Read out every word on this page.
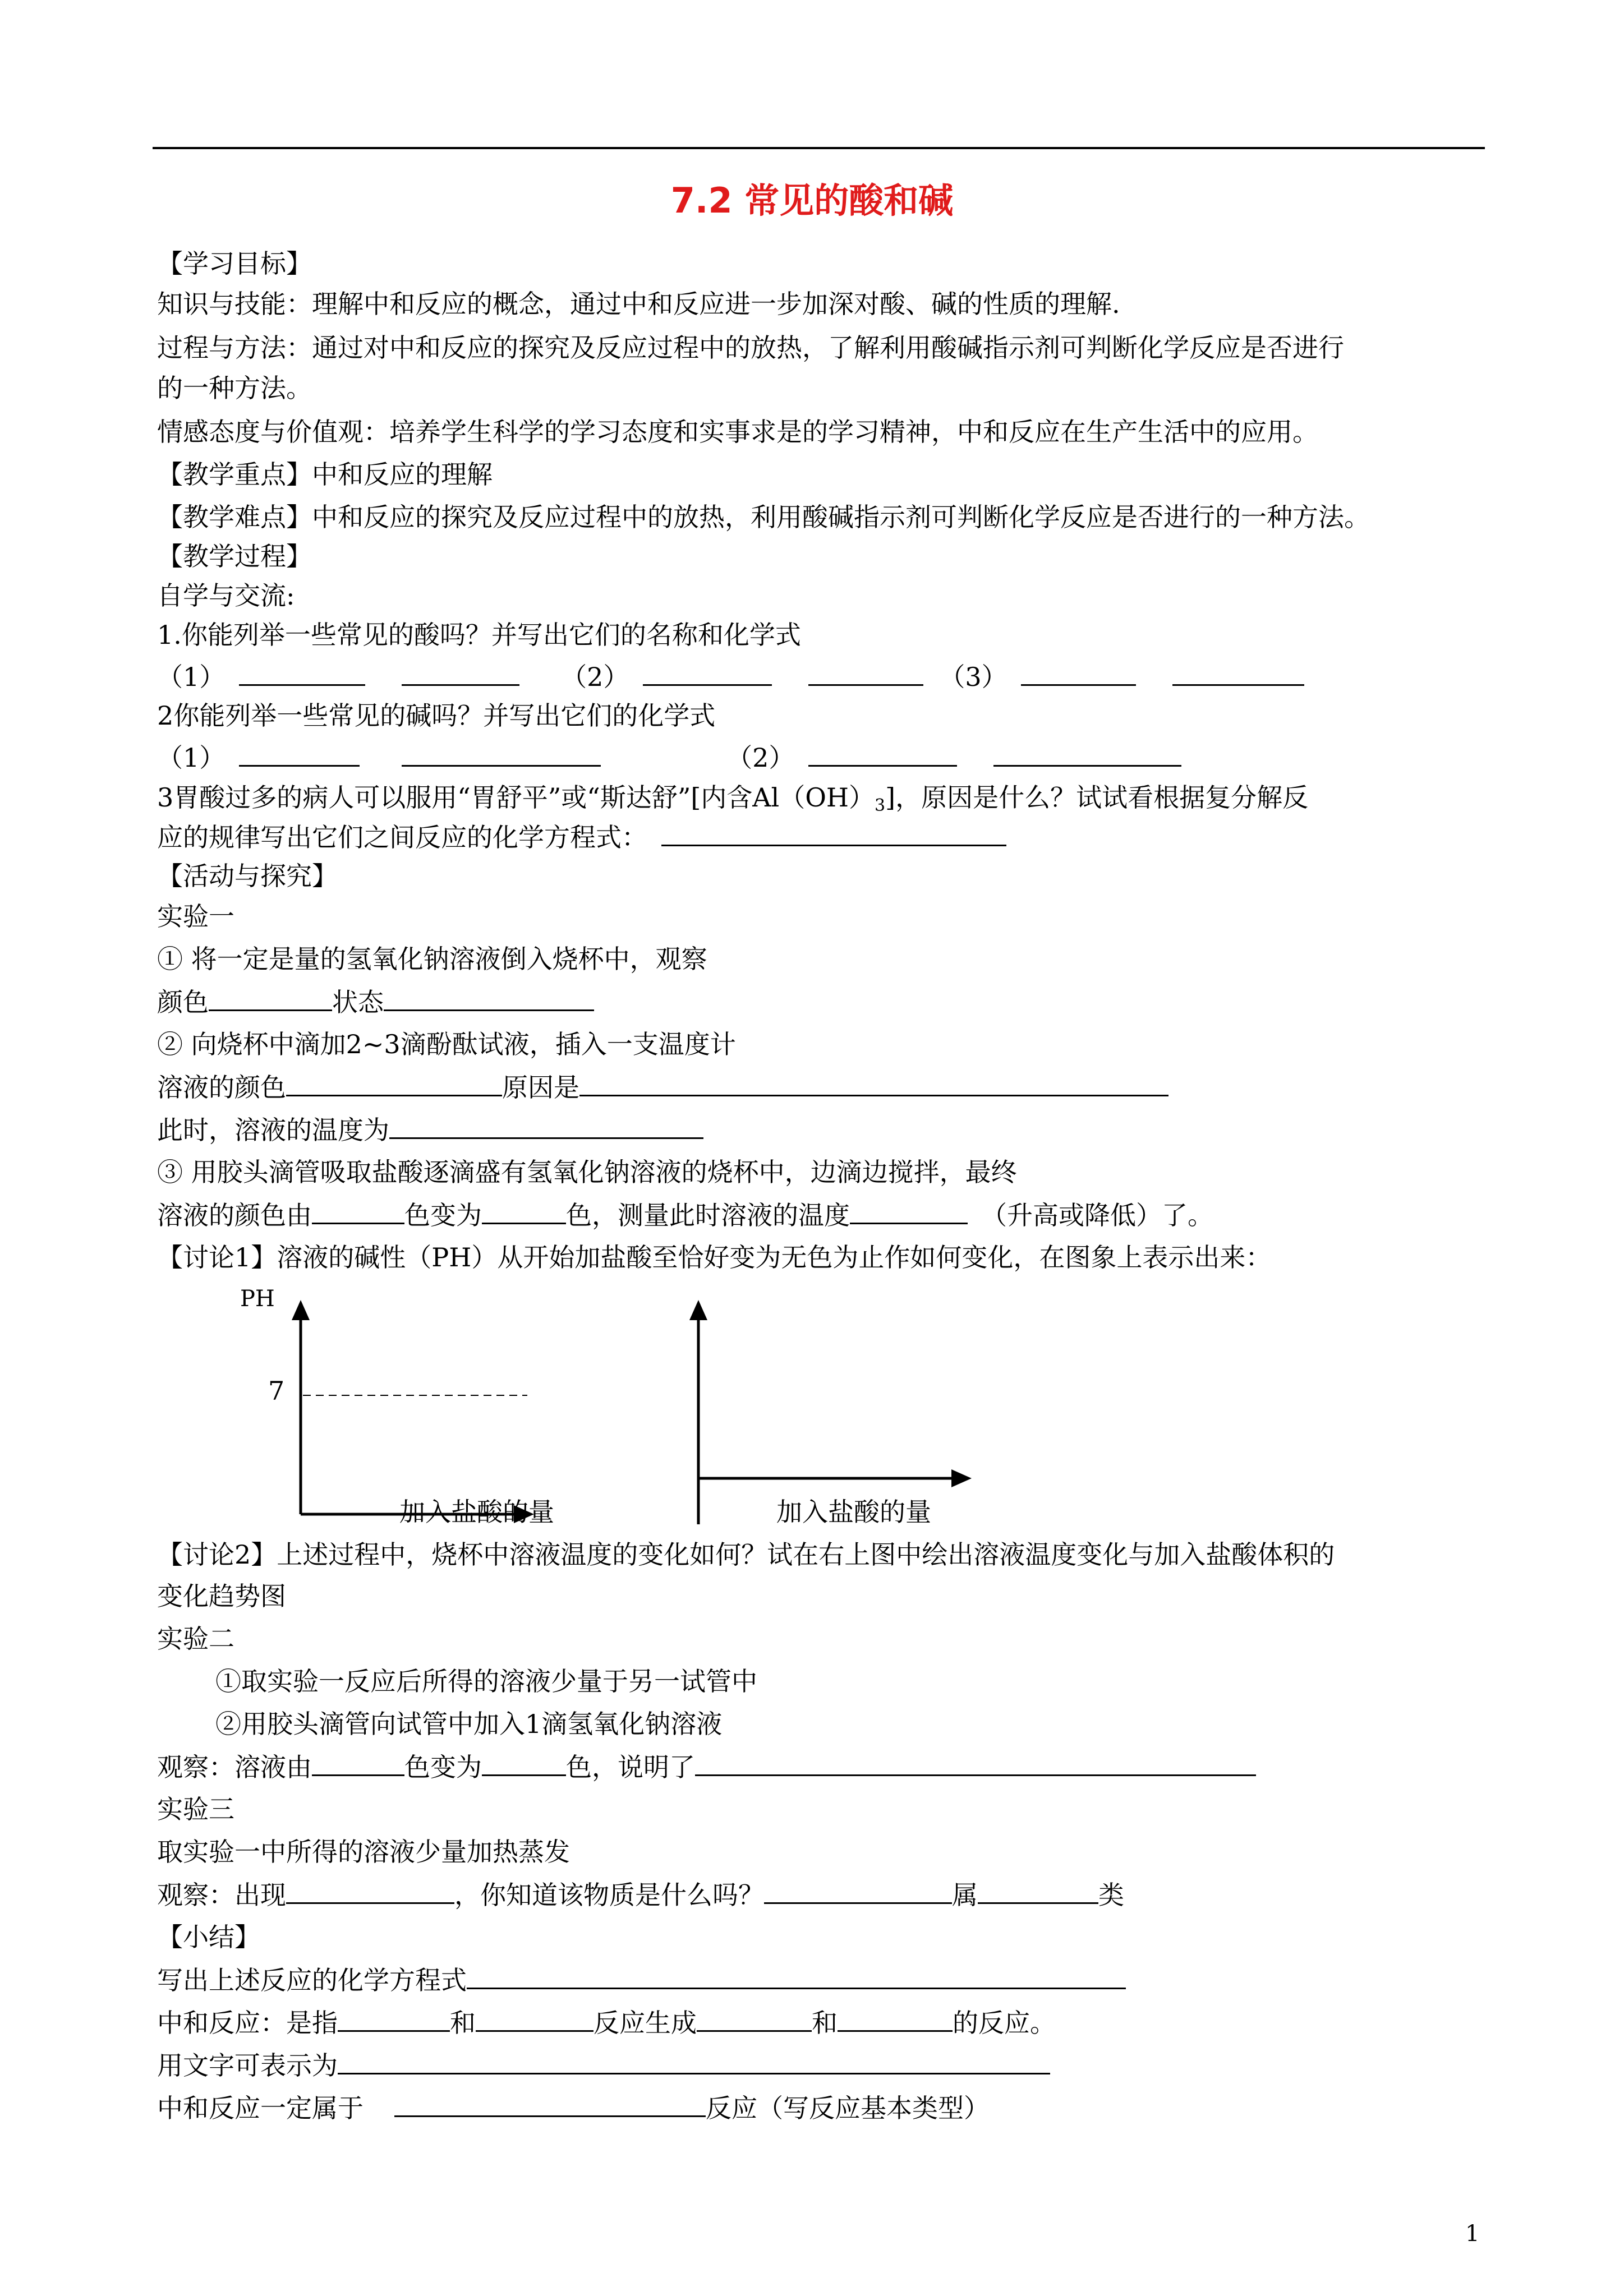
7.2 常见的酸和碱
【学习目标】
知识与技能：理解中和反应的概念，通过中和反应进一步加深对酸、碱的性质的理解.
过程与方法：通过对中和反应的探究及反应过程中的放热，了解利用酸碱指示剂可判断化学反应是否进行
的一种方法。
情感态度与价值观：培养学生科学的学习态度和实事求是的学习精神，中和反应在生产生活中的应用。
【教学重点】中和反应的理解
【教学难点】中和反应的探究及反应过程中的放热，利用酸碱指示剂可判断化学反应是否进行的一种方法。
【教学过程】
自学与交流:
1.你能列举一些常见的酸吗？并写出它们的名称和化学式
（1）	（2）	（3）
2你能列举一些常见的碱吗？并写出它们的化学式
（1）	（2）
3胃酸过多的病人可以服用“胃舒平”或“斯达舒”[内含$Al(OH)_3$]，原因是什么？试试看根据复分解反
应的规律写出它们之间反应的化学方程式：
【活动与探究】
实验一
① 将一定是量的氢氧化钠溶液倒入烧杯中，观察
颜色	状态
② 向烧杯中滴加2~3滴酚酞试液，插入一支温度计
溶液的颜色	原因是
此时，溶液的温度为
③ 用胶头滴管吸取盐酸逐滴盛有氢氧化钠溶液的烧杯中，边滴边搅拌，最终
溶液的颜色由	色变为	色，测量此时溶液的温度	（升高或降低）了。
【讨论1】溶液的碱性（PH）从开始加盐酸至恰好变为无色为止作如何变化，在图象上表示出来：
PH
7
加入盐酸的量	加入盐酸的量
【讨论2】上述过程中，烧杯中溶液温度的变化如何？试在右上图中绘出溶液温度变化与加入盐酸体积的
变化趋势图
实验二
①取实验一反应后所得的溶液少量于另一试管中
②用胶头滴管向试管中加入1滴氢氧化钠溶液
观察：溶液由	色变为	色，说明了
实验三
取实验一中所得的溶液少量加热蒸发
观察：出现	，你知道该物质是什么吗？	属	类
【小结】
写出上述反应的化学方程式
中和反应：是指	和	反应生成	和	的反应。
用文字可表示为
中和反应一定属于	反应（写反应基本类型）
1
